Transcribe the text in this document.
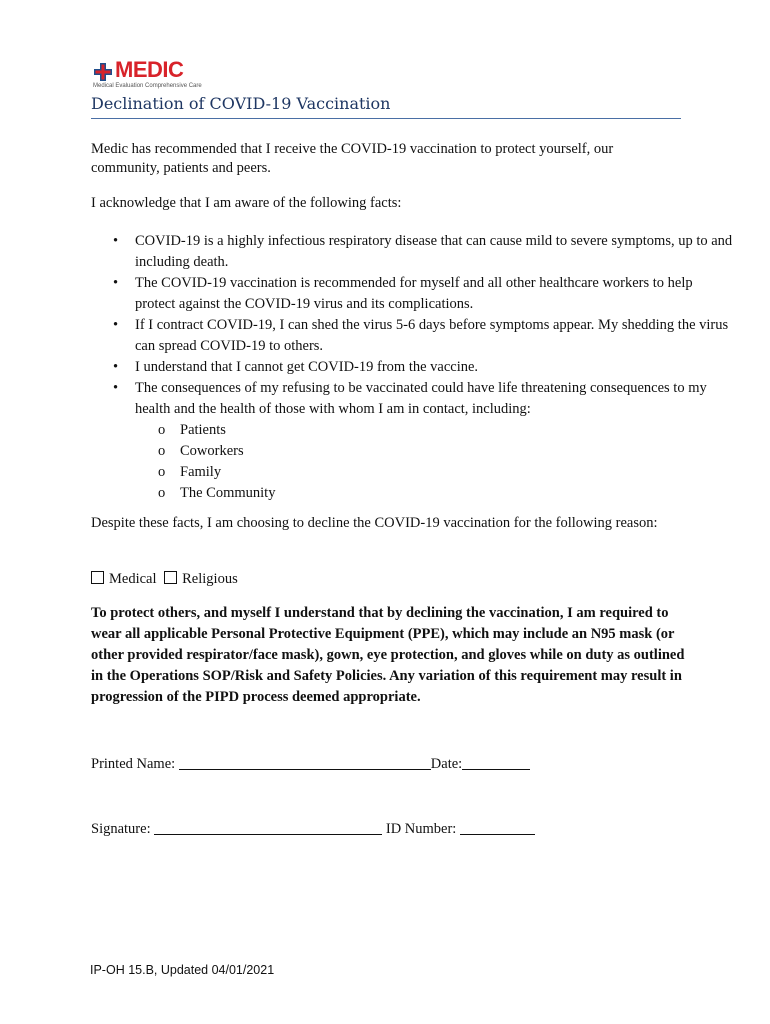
MEDIC
Medical Evaluation Comprehensive Care
Declination of COVID-19 Vaccination
Medic has recommended that I receive the COVID-19 vaccination to protect yourself, our community, patients and peers.
I acknowledge that I am aware of the following facts:
• COVID-19 is a highly infectious respiratory disease that can cause mild to severe symptoms, up to and including death.
• The COVID-19 vaccination is recommended for myself and all other healthcare workers to help protect against the COVID-19 virus and its complications.
• If I contract COVID-19, I can shed the virus 5-6 days before symptoms appear. My shedding the virus can spread COVID-19 to others.
• I understand that I cannot get COVID-19 from the vaccine.
• The consequences of my refusing to be vaccinated could have life threatening consequences to my health and the health of those with whom I am in contact, including:
o Patients
o Coworkers
o Family
o The Community
Despite these facts, I am choosing to decline the COVID-19 vaccination for the following reason:
Medical Religious
To protect others, and myself I understand that by declining the vaccination, I am required to wear all applicable Personal Protective Equipment (PPE), which may include an N95 mask (or other provided respirator/face mask), gown, eye protection, and gloves while on duty as outlined in the Operations SOP/Risk and Safety Policies. Any variation of this requirement may result in progression of the PIPD process deemed appropriate.
Printed Name:	Date:
Signature:	ID Number:
IP-OH 15.B, Updated 04/01/2021
